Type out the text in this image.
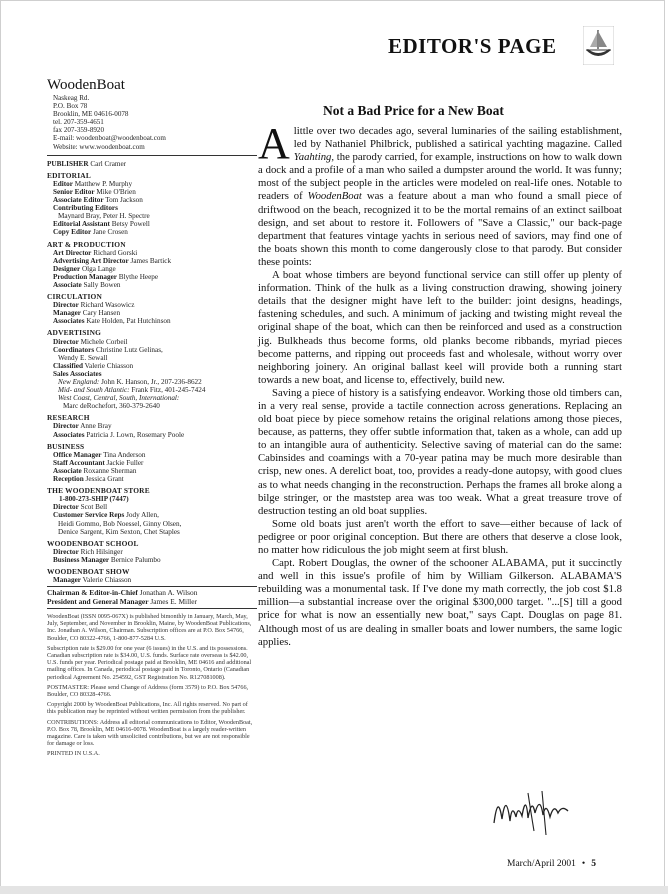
EDITOR'S PAGE
WoodenBoat
Naskeag Rd.
P.O. Box 78
Brooklin, ME 04616-0078
tel. 207-359-4651
fax 207-359-8920
E-mail: woodenboat@woodenboat.com
Website: www.woodenboat.com
PUBLISHER Carl Cramer
EDITORIAL
Editor Matthew P. Murphy
Senior Editor Mike O'Brien
Associate Editor Tom Jackson
Contributing Editors
Maynard Bray, Peter H. Spectre
Editorial Assistant Betsy Powell
Copy Editor Jane Crosen
ART & PRODUCTION
Art Director Richard Gorski
Advertising Art Director James Bartick
Designer Olga Lange
Production Manager Blythe Heepe
Associate Sally Bowen
CIRCULATION
Director Richard Wasowicz
Manager Cary Hansen
Associates Kate Holden, Pat Hutchinson
ADVERTISING
Director Michele Corbeil
Coordinators Christine Lutz Gelinas,
Wendy E. Sewall
Classified Valerie Chiasson
Sales Associates
New England: John K. Hanson, Jr., 207-236-8622
Mid- and South Atlantic: Frank Fitz, 401-245-7424
West Coast, Central, South, International:
Marc deRochefort, 360-379-2640
RESEARCH
Director Anne Bray
Associates Patricia J. Lown, Rosemary Poole
BUSINESS
Office Manager Tina Anderson
Staff Accountant Jackie Fuller
Associate Roxanne Sherman
Reception Jessica Grant
THE WOODENBOAT STORE
1-800-273-SHIP (7447)
Director Scot Bell
Customer Service Reps Jody Allen,
Heidi Gommo, Bob Noessel, Ginny Olsen,
Denice Sargent, Kim Sexton, Chet Staples
WOODENBOAT SCHOOL
Director Rich Hilsinger
Business Manager Bernice Palumbo
WOODENBOAT SHOW
Manager Valerie Chiasson
Chairman & Editor-in-Chief Jonathan A. Wilson
President and General Manager James E. Miller

WoodenBoat (ISSN 0095-067X) is published bimonthly in January, March, May, July, September, and November in Brooklin, Maine, by WoodenBoat Publications, Inc. Jonathan A. Wilson, Chairman. Subscription offices are at P.O. Box 54766, Boulder, CO 80322-4766, 1-800-877-5284 U.S.

Subscription rate is $29.00 for one year (6 issues) in the U.S. and its possessions. Canadian subscription rate is $34.00, U.S. funds. Surface rate overseas is $42.00, U.S. funds per year. Periodical postage paid at Brooklin, ME 04616 and additional mailing offices. In Canada, periodical postage paid in Toronto, Ontario (Canadian periodical Agreement No. 254592, GST Registration No. R127081008).

POSTMASTER: Please send Change of Address (form 3579) to P.O. Box 54766, Boulder, CO 80328-4766.

Copyright 2000 by WoodenBoat Publications, Inc. All rights reserved. No part of this publication may be reprinted without written permission from the publisher.

CONTRIBUTIONS: Address all editorial communications to Editor, WoodenBoat, P.O. Box 78, Brooklin, ME 04616-0078. WoodenBoat is a largely reader-written magazine. Care is taken with unsolicited contributions, but we are not responsible for damage or loss.

PRINTED IN U.S.A.

Not a Bad Price for a New Boat

Alittle over two decades ago, several luminaries of the sailing establishment, led by Nathaniel Philbrick, published a satirical yachting magazine. Called Yaahting, the parody carried, for example, instructions on how to walk down a dock and a profile of a man who sailed a dumpster around the world. It was funny; most of the subject people in the articles were modeled on real-life ones. Notable to readers of WoodenBoat was a feature about a man who found a small piece of driftwood on the beach, recognized it to be the mortal remains of an extinct sailboat design, and set about to restore it. Followers of "Save a Classic," our back-page department that features vintage yachts in serious need of saviors, may find one of the boats shown this month to come dangerously close to that parody. But consider these points:

A boat whose timbers are beyond functional service can still offer up plenty of information. Think of the hulk as a living construction drawing, showing joinery details that the designer might have left to the builder: joint designs, headings, fastening schedules, and such. A minimum of jacking and twisting might reveal the original shape of the boat, which can then be reinforced and used as a construction jig. Bulkheads thus become forms, old planks become ribbands, myriad pieces become patterns, and ripping out proceeds fast and wholesale, without worry over neighboring joinery. An original ballast keel will provide both a running start towards a new boat, and license to, effectively, build new.

Saving a piece of history is a satisfying endeavor. Working those old timbers can, in a very real sense, provide a tactile connection across generations. Replacing an old boat piece by piece somehow retains the original relations among those pieces, because, as patterns, they offer subtle information that, taken as a whole, can add up to an intangible aura of authenticity. Selective saving of material can do the same: Cabinsides and coamings with a 70-year patina may be much more desirable than crisp, new ones. A derelict boat, too, provides a ready-done autopsy, with good clues as to what needs changing in the reconstruction. Perhaps the frames all broke along a bilge stringer, or the maststep area was too weak. What a great treasure trove of destruction testing an old boat supplies.

Some old boats just aren't worth the effort to save—either because of lack of pedigree or poor original conception. But there are others that deserve a close look, no matter how ridiculous the job might seem at first blush.

Capt. Robert Douglas, the owner of the schooner ALABAMA, put it succinctly and well in this issue's profile of him by William Gilkerson. ALABAMA'S rebuilding was a monumental task. If I've done my math correctly, the job cost $1.8 million—a substantial increase over the original $300,000 target. "...[S] till a good price for what is now an essentially new boat," says Capt. Douglas on page 81. Although most of us are dealing in smaller boats and lower numbers, the same logic applies.

March/April 2001 • 5
